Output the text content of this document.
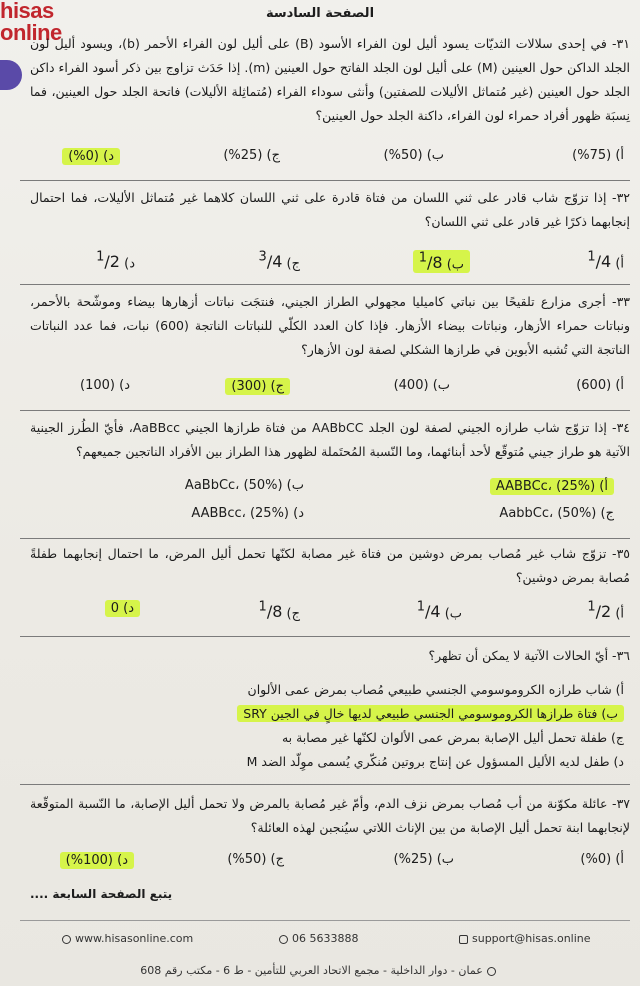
hisas
online
الصفحة السادسة
٣١- في إحدى سلالات الثديّات يسود أليل لون الفراء الأسود (B) على أليل لون الفراء الأحمر (b)، ويسود أليل لون الجلد الداكن حول العينين (M) على أليل لون الجلد الفاتح حول العينين (m). إذا حَدَث تزاوج بين ذكر أسود الفراء داكن الجلد حول العينين (غير مُتماثل الأليلات للصفتين) وأنثى سوداء الفراء (مُتماثِلة الأليلات) فاتحة الجلد حول العينين، فما نِسبَة ظهور أفراد حمراء لون الفراء، داكنة الجلد حول العينين؟
أ) (75%)
ب) (50%)
ج) (25%)
د) (0%)
٣٢- إذا تزوّج شاب قادر على ثني اللسان من فتاة قادرة على ثني اللسان كلاهما غير مُتماثل الأليلات، فما احتمال إنجابهما ذكرًا غير قادر على ثني اللسان؟
أ) $^1$/4
ب) $^1$/8
ج) $^3$/4
د) $^1$/2
٣٣- أجرى مزارع تلقيحًا بين نباتي كاميليا مجهولي الطراز الجيني، فنتجَت نباتات أزهارها بيضاء وموشّحة بالأحمر، ونباتات حمراء الأزهار، ونباتات بيضاء الأزهار. فإذا كان العدد الكلّي للنباتات الناتجة (600) نبات، فما عدد النباتات الناتجة التي تُشبه الأبوين في طرازها الشكلي لصفة لون الأزهار؟
أ) (600)
ب) (400)
ج) (300)
د) (100)
٣٤- إذا تزوّج شاب طرازه الجيني لصفة لون الجلد AABbCC من فتاة طرازها الجيني AaBBcc، فأيّ الطُرز الجينية الآتية هو طراز جيني مُتوقّع لأحد أبنائهما، وما النّسبة المُحتَملة لظهور هذا الطراز بين الأفراد الناتجين جميعهم؟
أ) AABBCc، (25%)
ب) AaBbCc، (50%)
ج) AabbCc، (50%)
د) AABBcc، (25%)
٣٥- تزوّج شاب غير مُصاب بمرض دوشين من فتاة غير مصابة لكنّها تحمل أليل المرض، ما احتمال إنجابهما طفلةً مُصابة بمرض دوشين؟
أ) $^1$/2
ب) $^1$/4
ج) $^1$/8
د) 0
٣٦- أيّ الحالات الآتية لا يمكن أن تظهر؟
أ) شاب طرازه الكروموسومي الجنسي طبيعي مُصاب بمرض عمى الألوان
ب) فتاة طرازها الكروموسومي الجنسي طبيعي لديها خالٍ في الجين SRY
ج) طفلة تحمل أليل الإصابة بمرض عمى الألوان لكنّها غير مصابة به
د) طفل لديه الأليل المسؤول عن إنتاج بروتين مُنكّري يُسمى موِلّد الضد M
٣٧- عائلة مكوّنة من أب مُصاب بمرض نزف الدم، وأمّ غير مُصابة بالمرض ولا تحمل أليل الإصابة، ما النّسبة المتوقّعة لإنجابهما ابنة تحمل أليل الإصابة من بين الإناث اللاتي سيُنجبن لهذه العائلة؟
أ) (0%)
ب) (25%)
ج) (50%)
د) (100%)
يتبع الصفحة السابعة ....
www.hisasonline.com	06 5633888	support@hisas.online
عمان - دوار الداخلية - مجمع الاتحاد العربي للتأمين - ط 6 - مكتب رقم 608
